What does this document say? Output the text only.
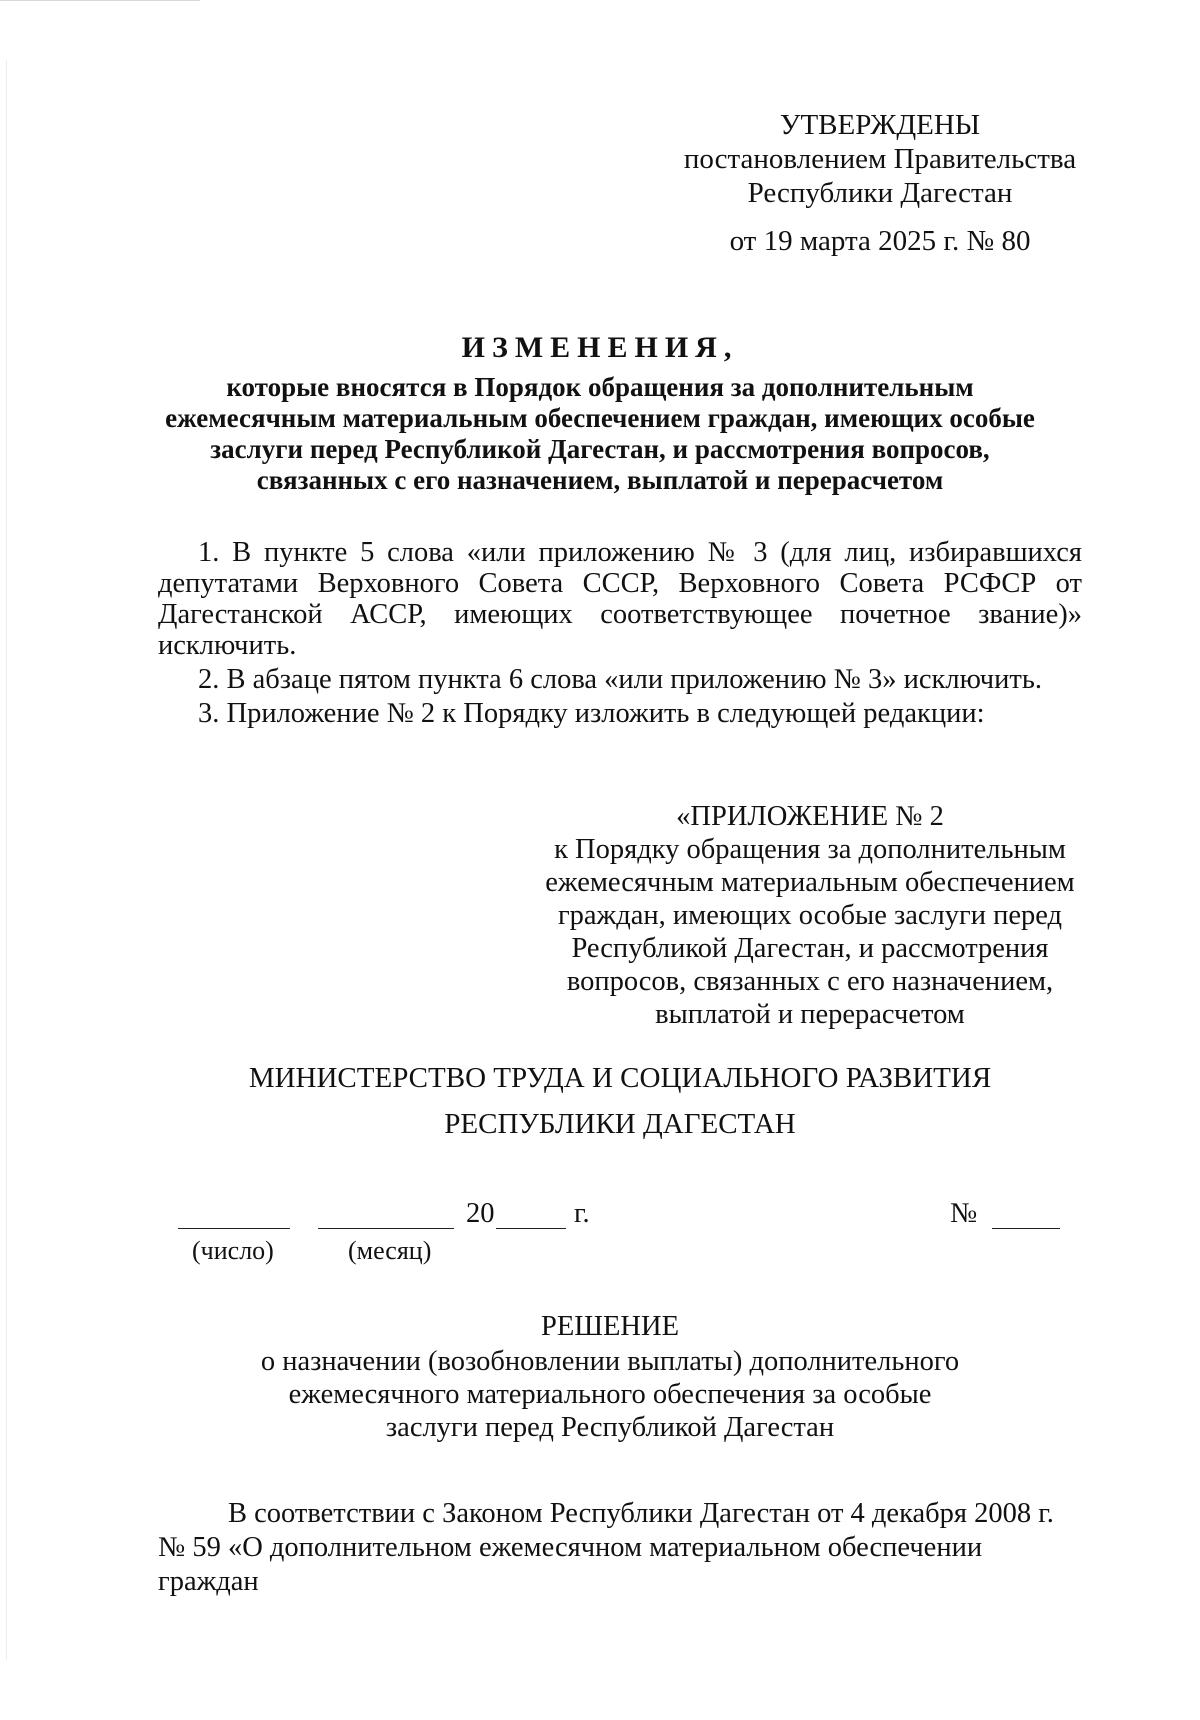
УТВЕРЖДЕНЫ
постановлением Правительства
Республики Дагестан
от 19 марта 2025 г. № 80
ИЗМЕНЕНИЯ,
которые вносятся в Порядок обращения за дополнительным
ежемесячным материальным обеспечением граждан, имеющих особые
заслуги перед Республикой Дагестан, и рассмотрения вопросов,
связанных с его назначением, выплатой и перерасчетом

1. В пункте 5 слова «или приложению № 3 (для лиц, избиравшихся депутатами Верховного Совета СССР, Верховного Совета РСФСР от Дагестанской АССР, имеющих соответствующее почетное звание)» исключить.

2. В абзаце пятом пункта 6 слова «или приложению № 3» исключить.

3. Приложение № 2 к Порядку изложить в следующей редакции:

«ПРИЛОЖЕНИЕ № 2
к Порядку обращения за дополнительным
ежемесячным материальным обеспечением
граждан, имеющих особые заслуги перед
Республикой Дагестан, и рассмотрения
вопросов, связанных с его назначением,
выплатой и перерасчетом
МИНИСТЕРСТВО ТРУДА И СОЦИАЛЬНОГО РАЗВИТИЯ
РЕСПУБЛИКИ ДАГЕСТАН
20	г.	№
(число)	(месяц)
РЕШЕНИЕ
о назначении (возобновлении выплаты) дополнительного
ежемесячного материального обеспечения за особые
заслуги перед Республикой Дагестан
В соответствии с Законом Республики Дагестан от 4 декабря 2008 г.
№ 59 «О дополнительном ежемесячном материальном обеспечении граждан
